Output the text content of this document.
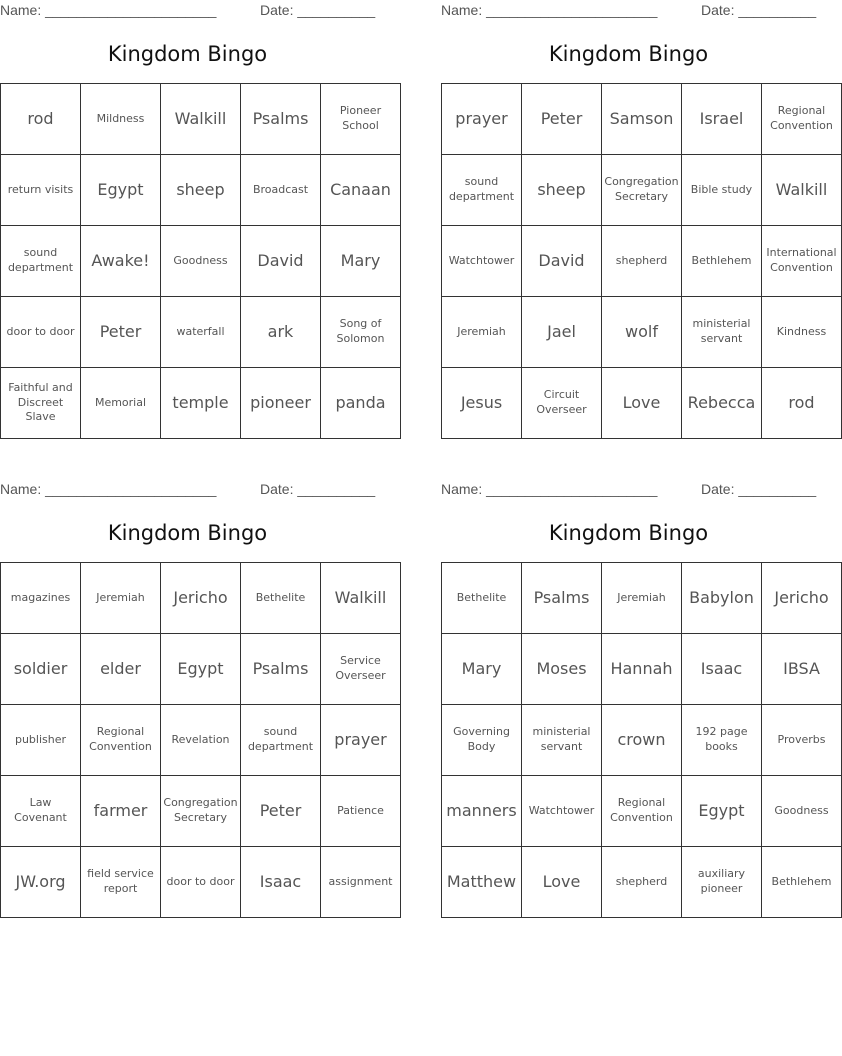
Name: ______________________	Date: __________
Kingdom Bingo
rod	Mildness	Walkill	Psalms	Pioneer School
return visits	Egypt	sheep	Broadcast	Canaan
sound department	Awake!	Goodness	David	Mary
door to door	Peter	waterfall	ark	Song of Solomon
Faithful and Discreet Slave	Memorial	temple	pioneer	panda
Name: ______________________	Date: __________
Kingdom Bingo
prayer	Peter	Samson	Israel	Regional Convention
sound department	sheep	Congregation Secretary	Bible study	Walkill
Watchtower	David	shepherd	Bethlehem	International Convention
Jeremiah	Jael	wolf	ministerial servant	Kindness
Jesus	Circuit Overseer	Love	Rebecca	rod
Name: ______________________	Date: __________
Kingdom Bingo
magazines	Jeremiah	Jericho	Bethelite	Walkill
soldier	elder	Egypt	Psalms	Service Overseer
publisher	Regional Convention	Revelation	sound department	prayer
Law Covenant	farmer	Congregation Secretary	Peter	Patience
JW.org	field service report	door to door	Isaac	assignment
Name: ______________________	Date: __________
Kingdom Bingo
Bethelite	Psalms	Jeremiah	Babylon	Jericho
Mary	Moses	Hannah	Isaac	IBSA
Governing Body	ministerial servant	crown	192 page books	Proverbs
manners	Watchtower	Regional Convention	Egypt	Goodness
Matthew	Love	shepherd	auxiliary pioneer	Bethlehem
